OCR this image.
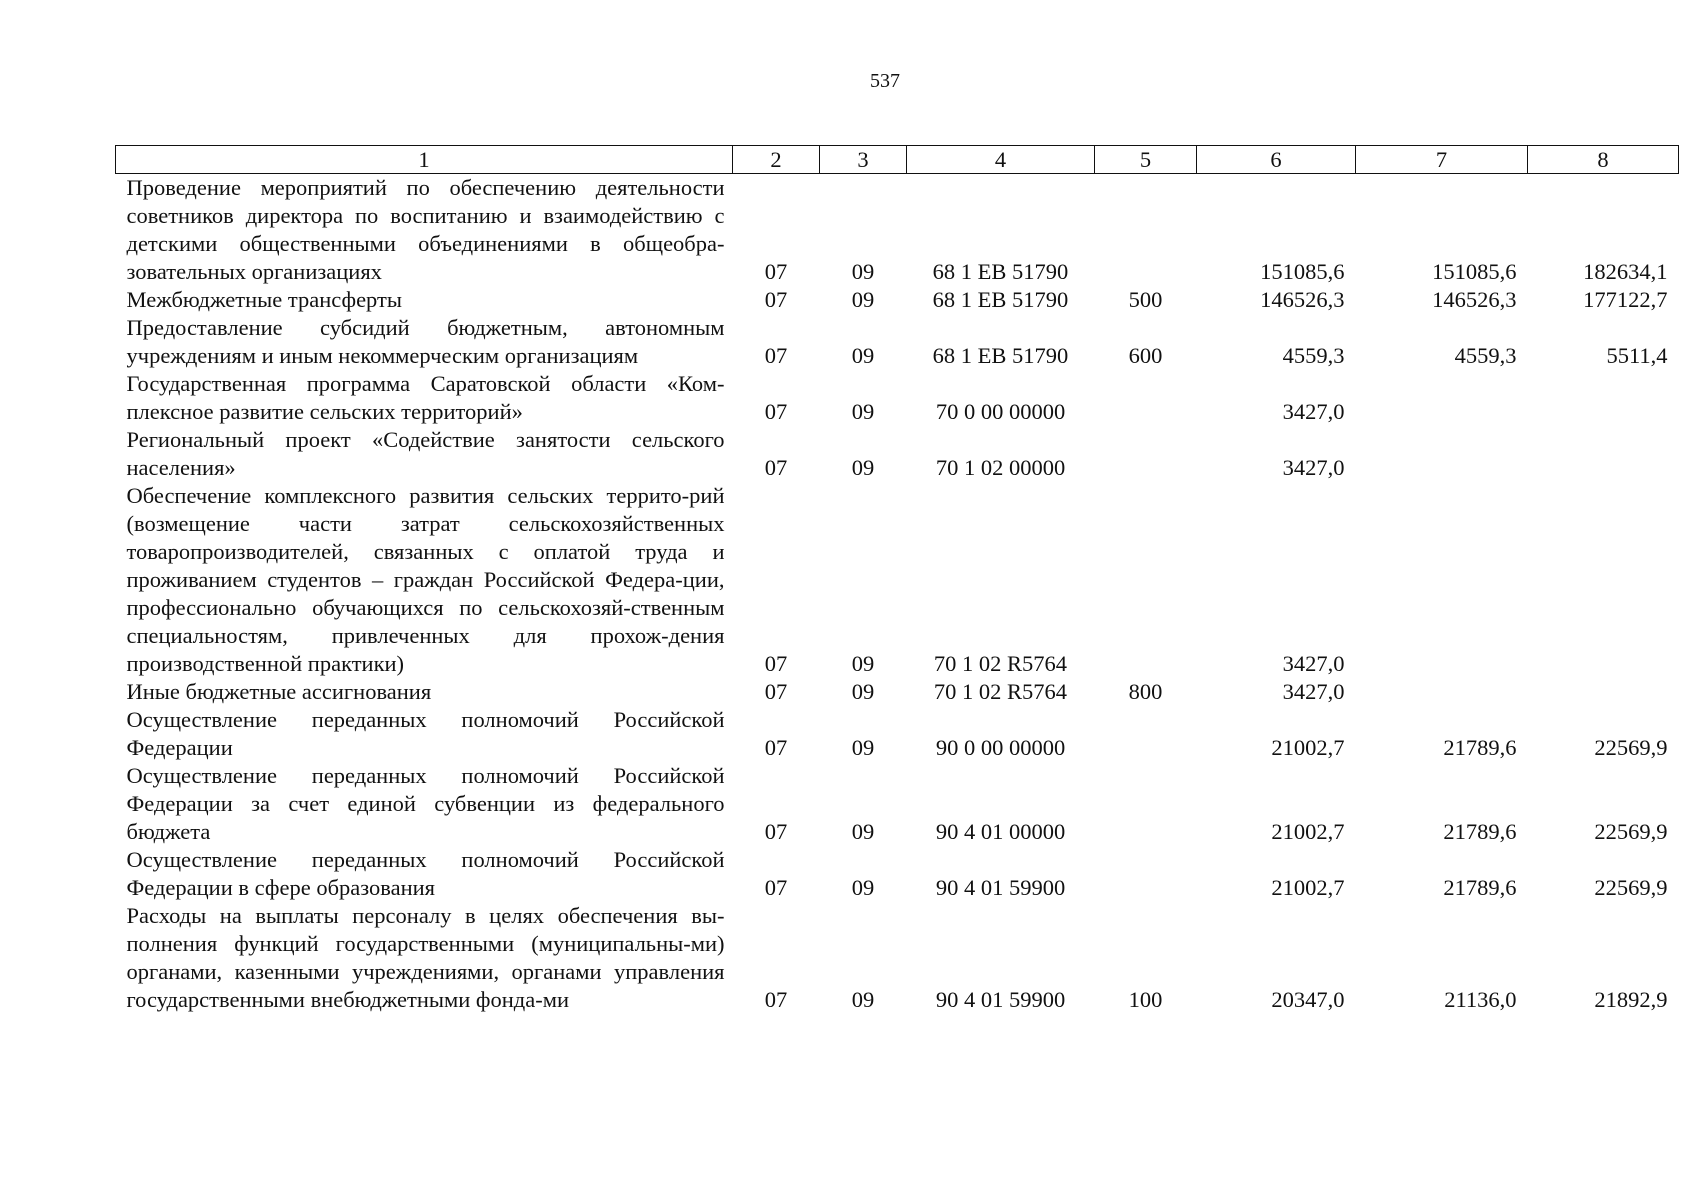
537
1	2	3	4	5	6	7	8
Проведение мероприятий по обеспечению деятельности советников директора по воспитанию и взаимодействию с детскими общественными объединениями в общеобра-зовательных организациях	07	09	68 1 EB 51790		151085,6	151085,6	182634,1
Межбюджетные трансферты	07	09	68 1 EB 51790	500	146526,3	146526,3	177122,7
Предоставление субсидий бюджетным, автономным учреждениям и иным некоммерческим организациям	07	09	68 1 EB 51790	600	4559,3	4559,3	5511,4
Государственная программа Саратовской области «Ком-плексное развитие сельских территорий»	07	09	70 0 00 00000		3427,0		
Региональный проект «Содействие занятости сельского населения»	07	09	70 1 02 00000		3427,0		
Обеспечение комплексного развития сельских террито-рий (возмещение части затрат сельскохозяйственных товаропроизводителей, связанных с оплатой труда и проживанием студентов – граждан Российской Федера-ции, профессионально обучающихся по сельскохозяй-ственным специальностям, привлеченных для прохож-дения производственной практики)	07	09	70 1 02 R5764		3427,0		
Иные бюджетные ассигнования	07	09	70 1 02 R5764	800	3427,0		
Осуществление переданных полномочий Российской Федерации	07	09	90 0 00 00000		21002,7	21789,6	22569,9
Осуществление переданных полномочий Российской Федерации за счет единой субвенции из федерального бюджета	07	09	90 4 01 00000		21002,7	21789,6	22569,9
Осуществление переданных полномочий Российской Федерации в сфере образования	07	09	90 4 01 59900		21002,7	21789,6	22569,9
Расходы на выплаты персоналу в целях обеспечения вы-полнения функций государственными (муниципальны-ми) органами, казенными учреждениями, органами управления государственными внебюджетными фонда-ми	07	09	90 4 01 59900	100	20347,0	21136,0	21892,9
